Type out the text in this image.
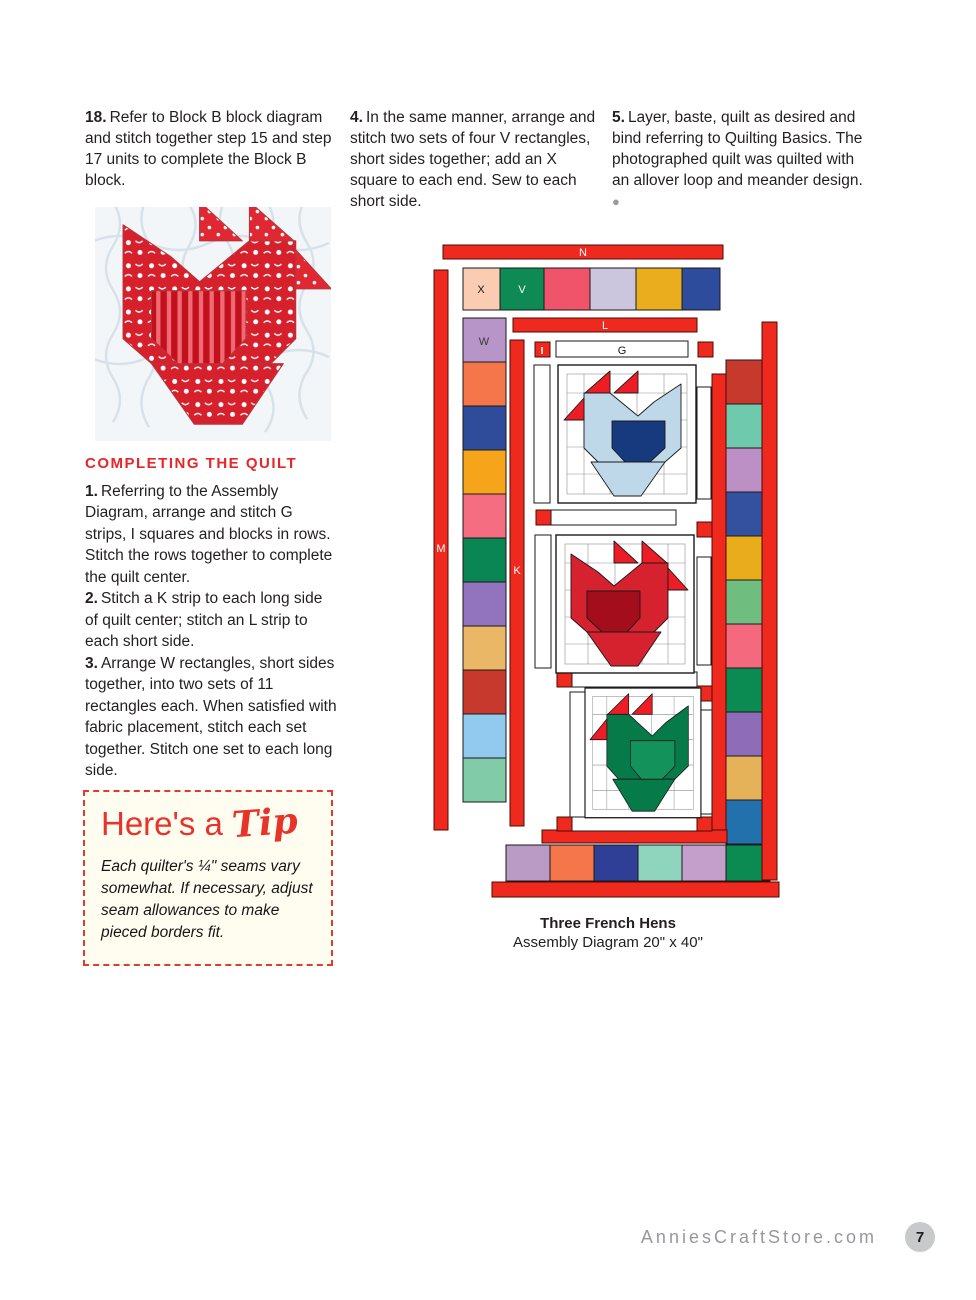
18. Refer to Block B block diagram and stitch together step 15 and step 17 units to complete the Block B block.
4. In the same manner, arrange and stitch two sets of four V rectangles, short sides together; add an X square to each end. Sew to each short side.
5. Layer, baste, quilt as desired and bind referring to Quilting Basics. The photographed quilt was quilted with an allover loop and meander design. ●
COMPLETING THE QUILT

1. Referring to the Assembly Diagram, arrange and stitch G strips, I squares and blocks in rows. Stitch the rows together to complete the quilt center.

2. Stitch a K strip to each long side of quilt center; stitch an L strip to each short side.

3. Arrange W rectangles, short sides together, into two sets of 11 rectangles each. When satisfied with fabric placement, stitch each set together. Stitch one set to each long side.

Here's a Tip
Each quilter's ¼" seams vary somewhat. If necessary, adjust seam allowances to make pieced borders fit.
N
M
L
K
I	G
X	V
W
Three French Hens
Assembly Diagram 20" x 40"
AnniesCraftStore.com	7
